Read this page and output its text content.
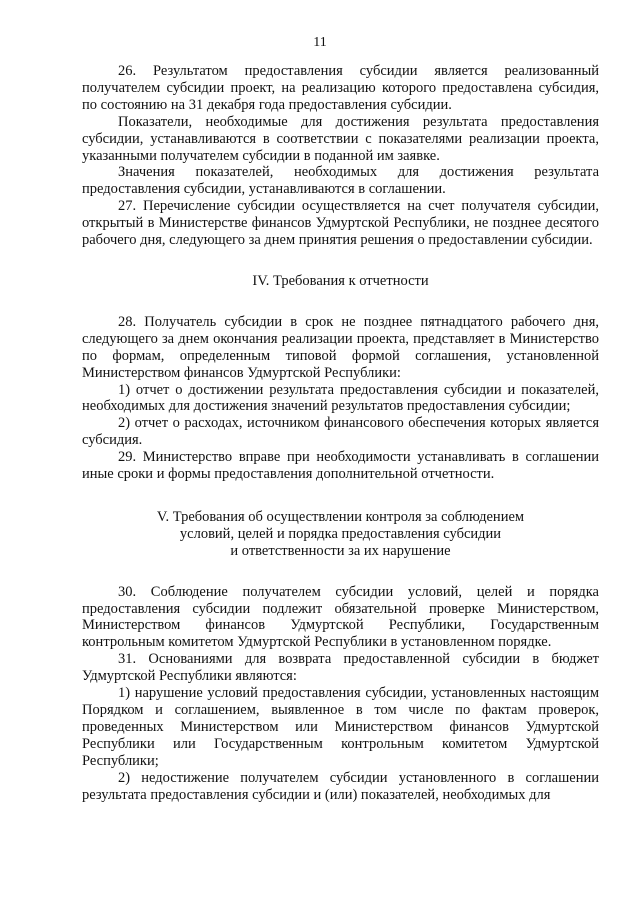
11

26. Результатом предоставления субсидии является реализованный получателем субсидии проект, на реализацию которого предоставлена субсидия, по состоянию на 31 декабря года предоставления субсидии.

Показатели, необходимые для достижения результата предоставления субсидии, устанавливаются в соответствии с показателями реализации проекта, указанными получателем субсидии в поданной им заявке.

Значения показателей, необходимых для достижения результата предоставления субсидии, устанавливаются в соглашении.

27. Перечисление субсидии осуществляется на счет получателя субсидии, открытый в Министерстве финансов Удмуртской Республики, не позднее десятого рабочего дня, следующего за днем принятия решения о предоставлении субсидии.

IV. Требования к отчетности

28. Получатель субсидии в срок не позднее пятнадцатого рабочего дня, следующего за днем окончания реализации проекта, представляет в Министерство по формам, определенным типовой формой соглашения, установленной Министерством финансов Удмуртской Республики:

1) отчет о достижении результата предоставления субсидии и показателей, необходимых для достижения значений результатов предоставления субсидии;

2) отчет о расходах, источником финансового обеспечения которых является субсидия.

29. Министерство вправе при необходимости устанавливать в соглашении иные сроки и формы предоставления дополнительной отчетности.

V. Требования об осуществлении контроля за соблюдением
условий, целей и порядка предоставления субсидии
и ответственности за их нарушение

30. Соблюдение получателем субсидии условий, целей и порядка предоставления субсидии подлежит обязательной проверке Министерством, Министерством финансов Удмуртской Республики, Государственным контрольным комитетом Удмуртской Республики в установленном порядке.

31. Основаниями для возврата предоставленной субсидии в бюджет Удмуртской Республики являются:

1) нарушение условий предоставления субсидии, установленных настоящим Порядком и соглашением, выявленное в том числе по фактам проверок, проведенных Министерством или Министерством финансов Удмуртской Республики или Государственным контрольным комитетом Удмуртской Республики;

2) недостижение получателем субсидии установленного в соглашении результата предоставления субсидии и (или) показателей, необходимых для
